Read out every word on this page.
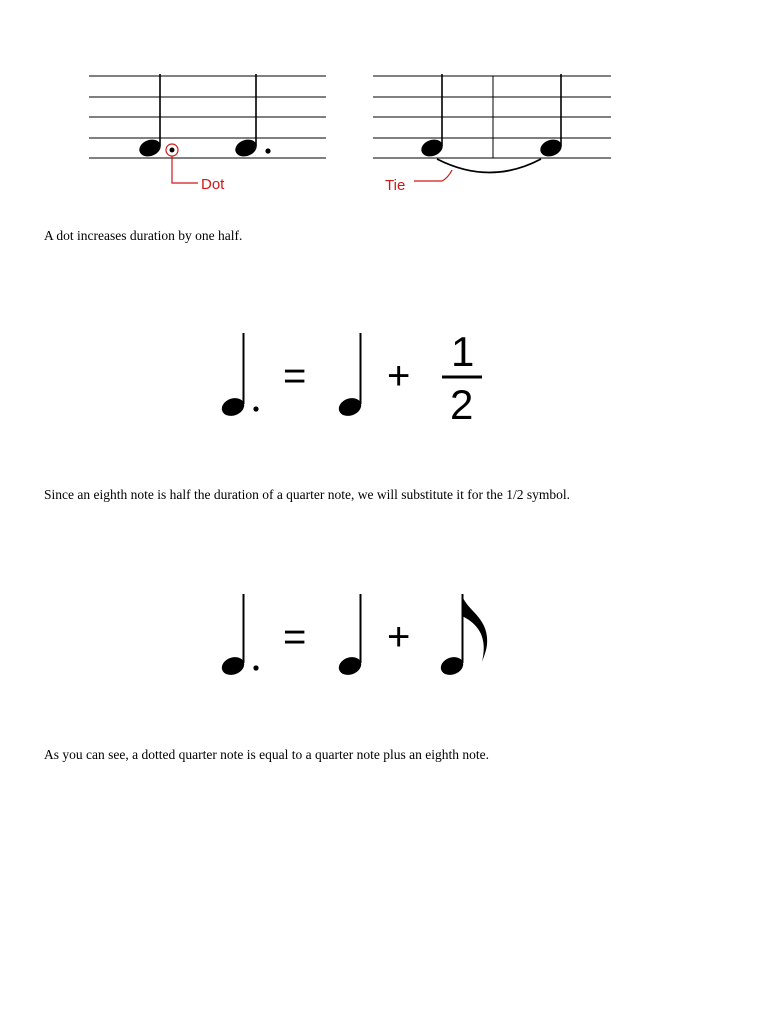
Dot	Tie

A dot increases duration by one half.

= +
1
2

Since an eighth note is half the duration of a quarter note, we will substitute it for the 1/2 symbol.

= +

As you can see, a dotted quarter note is equal to a quarter note plus an eighth note.
